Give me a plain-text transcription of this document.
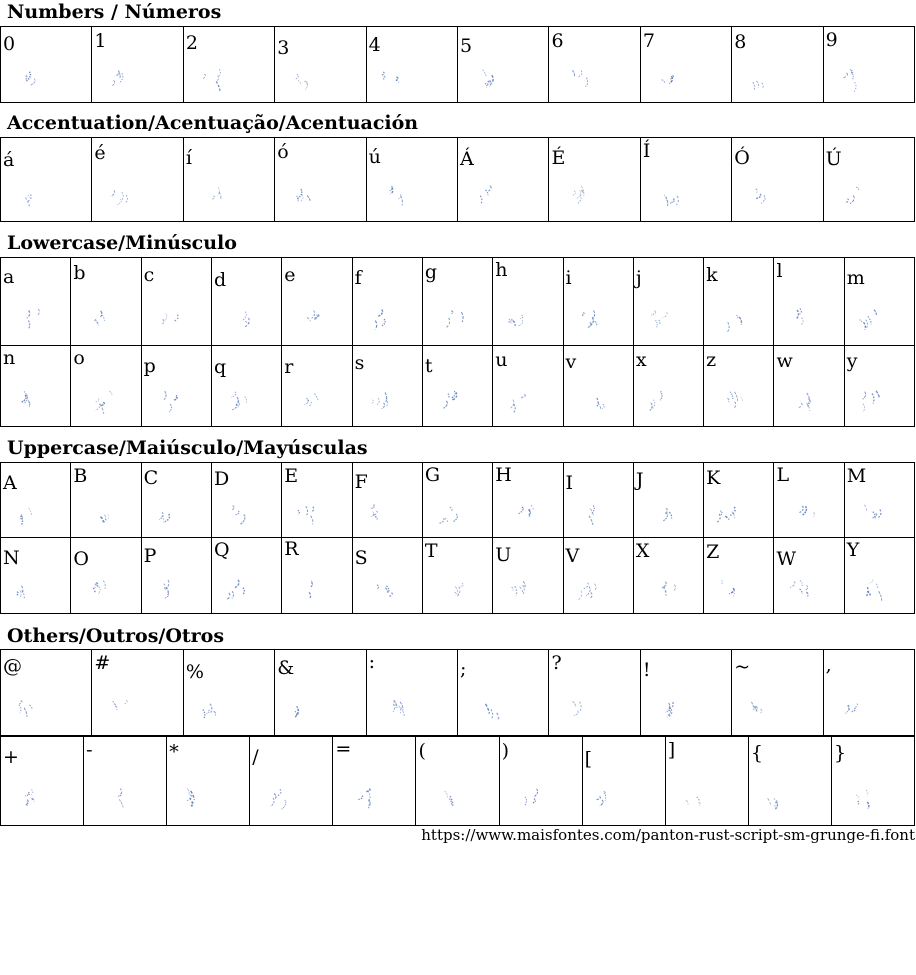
Numbers / Números
0	1	2	3	4	5	6	7	8	9
Accentuation/Acentuação/Acentuación
á	é	í	ó	ú	Á	É	Í	Ó	Ú
Lowercase/Minúsculo
a	b	c	d	e	f	g	h	i	j	k	l	m
n	o	p	q	r	s	t	u	v	x	z	w	y
Uppercase/Maiúsculo/Mayúsculas
A	B	C	D	E	F	G	H	I	J	K	L	M
N	O	P	Q	R	S	T	U	V	X	Z	W	Y
Others/Outros/Otros
@	#	%	&	:	;	?	!	~	,
+	-	*	/	=	(	)	[	]	{	}
https://www.maisfontes.com/panton-rust-script-sm-grunge-fi.font
